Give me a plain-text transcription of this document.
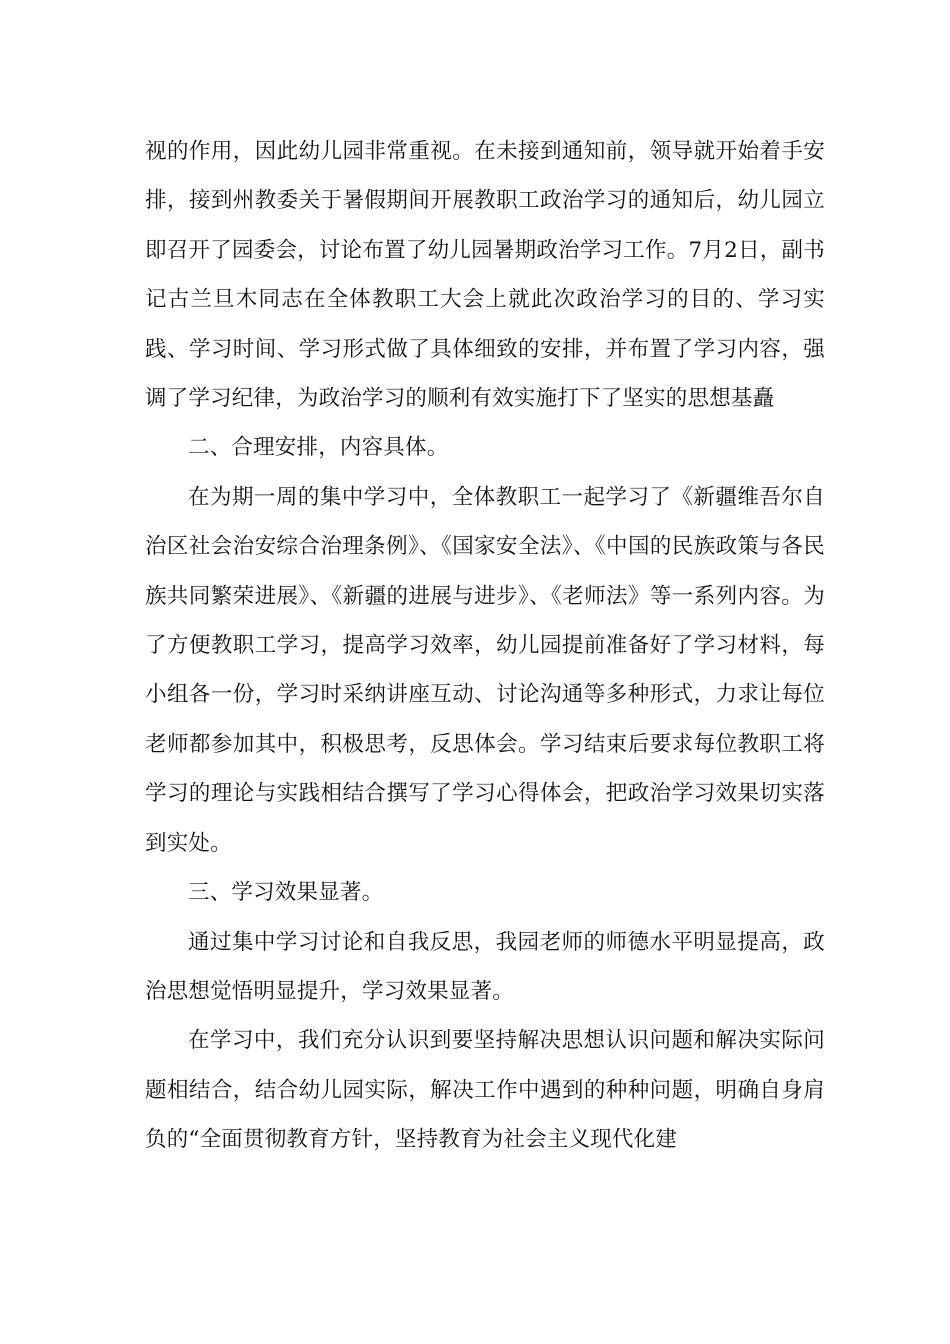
视的作用，因此幼儿园非常重视。在未接到通知前，领导就开始着手安排，接到州教委关于暑假期间开展教职工政治学习的通知后，幼儿园立即召开了园委会，讨论布置了幼儿园暑期政治学习工作。7月2日，副书记古兰旦木同志在全体教职工大会上就此次政治学习的目的、学习实践、学习时间、学习形式做了具体细致的安排，并布置了学习内容，强调了学习纪律，为政治学习的顺利有效实施打下了坚实的思想基矗

二、合理安排，内容具体。

在为期一周的集中学习中，全体教职工一起学习了《新疆维吾尔自治区社会治安综合治理条例》、《国家安全法》、《中国的民族政策与各民族共同繁荣进展》、《新疆的进展与进步》、《老师法》等一系列内容。为了方便教职工学习，提高学习效率，幼儿园提前准备好了学习材料，每小组各一份，学习时采纳讲座互动、讨论沟通等多种形式，力求让每位老师都参加其中，积极思考，反思体会。学习结束后要求每位教职工将学习的理论与实践相结合撰写了学习心得体会，把政治学习效果切实落到实处。

三、学习效果显著。

通过集中学习讨论和自我反思，我园老师的师德水平明显提高，政治思想觉悟明显提升，学习效果显著。

在学习中，我们充分认识到要坚持解决思想认识问题和解决实际问题相结合，结合幼儿园实际，解决工作中遇到的种种问题，明确自身肩负的“全面贯彻教育方针，坚持教育为社会主义现代化建
